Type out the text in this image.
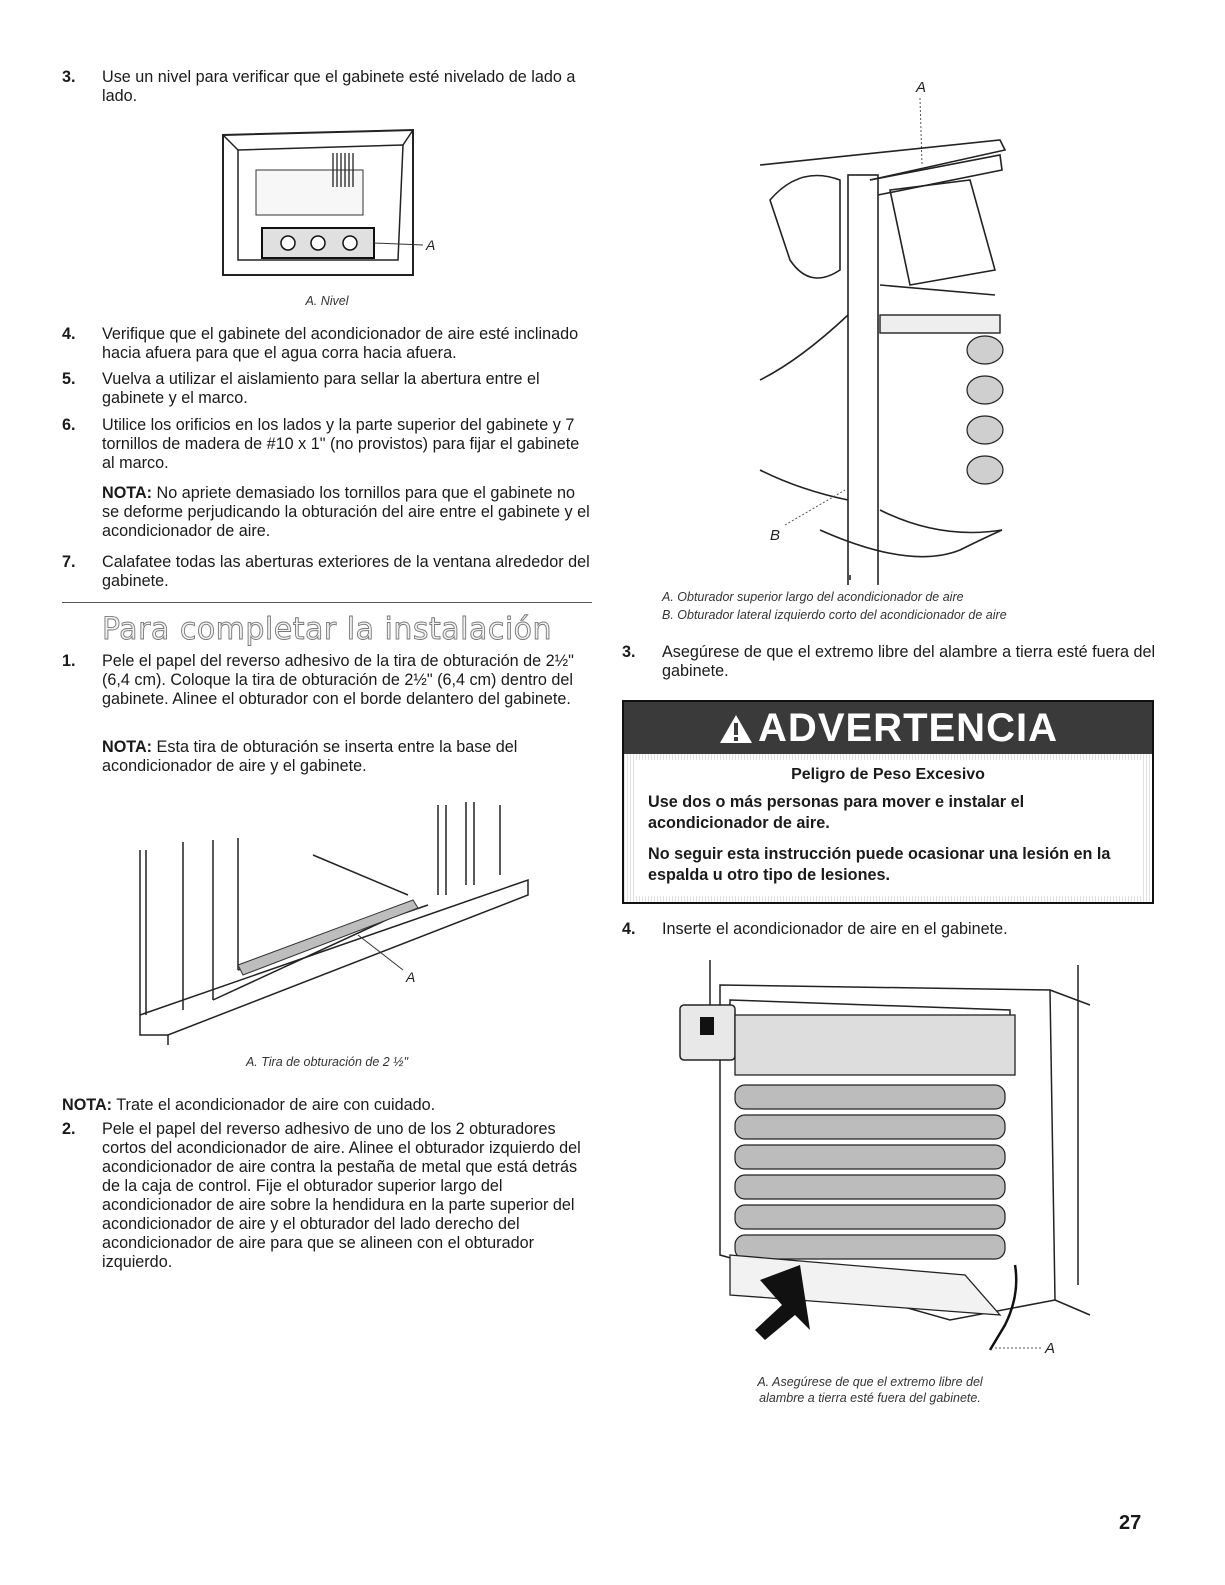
3. Use un nivel para verificar que el gabinete esté nivelado de lado a lado.
A
A. Nivel
4. Verifique que el gabinete del acondicionador de aire esté inclinado hacia afuera para que el agua corra hacia afuera.
5. Vuelva a utilizar el aislamiento para sellar la abertura entre el gabinete y el marco.
6. Utilice los orificios en los lados y la parte superior del gabinete y 7 tornillos de madera de #10 x 1" (no provistos) para fijar el gabinete al marco.
NOTA: No apriete demasiado los tornillos para que el gabinete no se deforme perjudicando la obturación del aire entre el gabinete y el acondicionador de aire.
7. Calafatee todas las aberturas exteriores de la ventana alrededor del gabinete.
Para completar la instalación
1. Pele el papel del reverso adhesivo de la tira de obturación de 2½" (6,4 cm). Coloque la tira de obturación de 2½" (6,4 cm) dentro del gabinete. Alinee el obturador con el borde delantero del gabinete.
NOTA: Esta tira de obturación se inserta entre la base del acondicionador de aire y el gabinete.
A
A. Tira de obturación de 2 ½"
NOTA: Trate el acondicionador de aire con cuidado.
2. Pele el papel del reverso adhesivo de uno de los 2 obturadores cortos del acondicionador de aire. Alinee el obturador izquierdo del acondicionador de aire contra la pestaña de metal que está detrás de la caja de control. Fije el obturador superior largo del acondicionador de aire sobre la hendidura en la parte superior del acondicionador de aire y el obturador del lado derecho del acondicionador de aire para que se alineen con el obturador izquierdo.
A
B
A. Obturador superior largo del acondicionador de aire
B. Obturador lateral izquierdo corto del acondicionador de aire
3. Asegúrese de que el extremo libre del alambre a tierra esté fuera del gabinete.
ADVERTENCIA
Peligro de Peso Excesivo
Use dos o más personas para mover e instalar el acondicionador de aire.
No seguir esta instrucción puede ocasionar una lesión en la espalda u otro tipo de lesiones.
4. Inserte el acondicionador de aire en el gabinete.
A
A. Asegúrese de que el extremo libre del
alambre a tierra esté fuera del gabinete.
27
